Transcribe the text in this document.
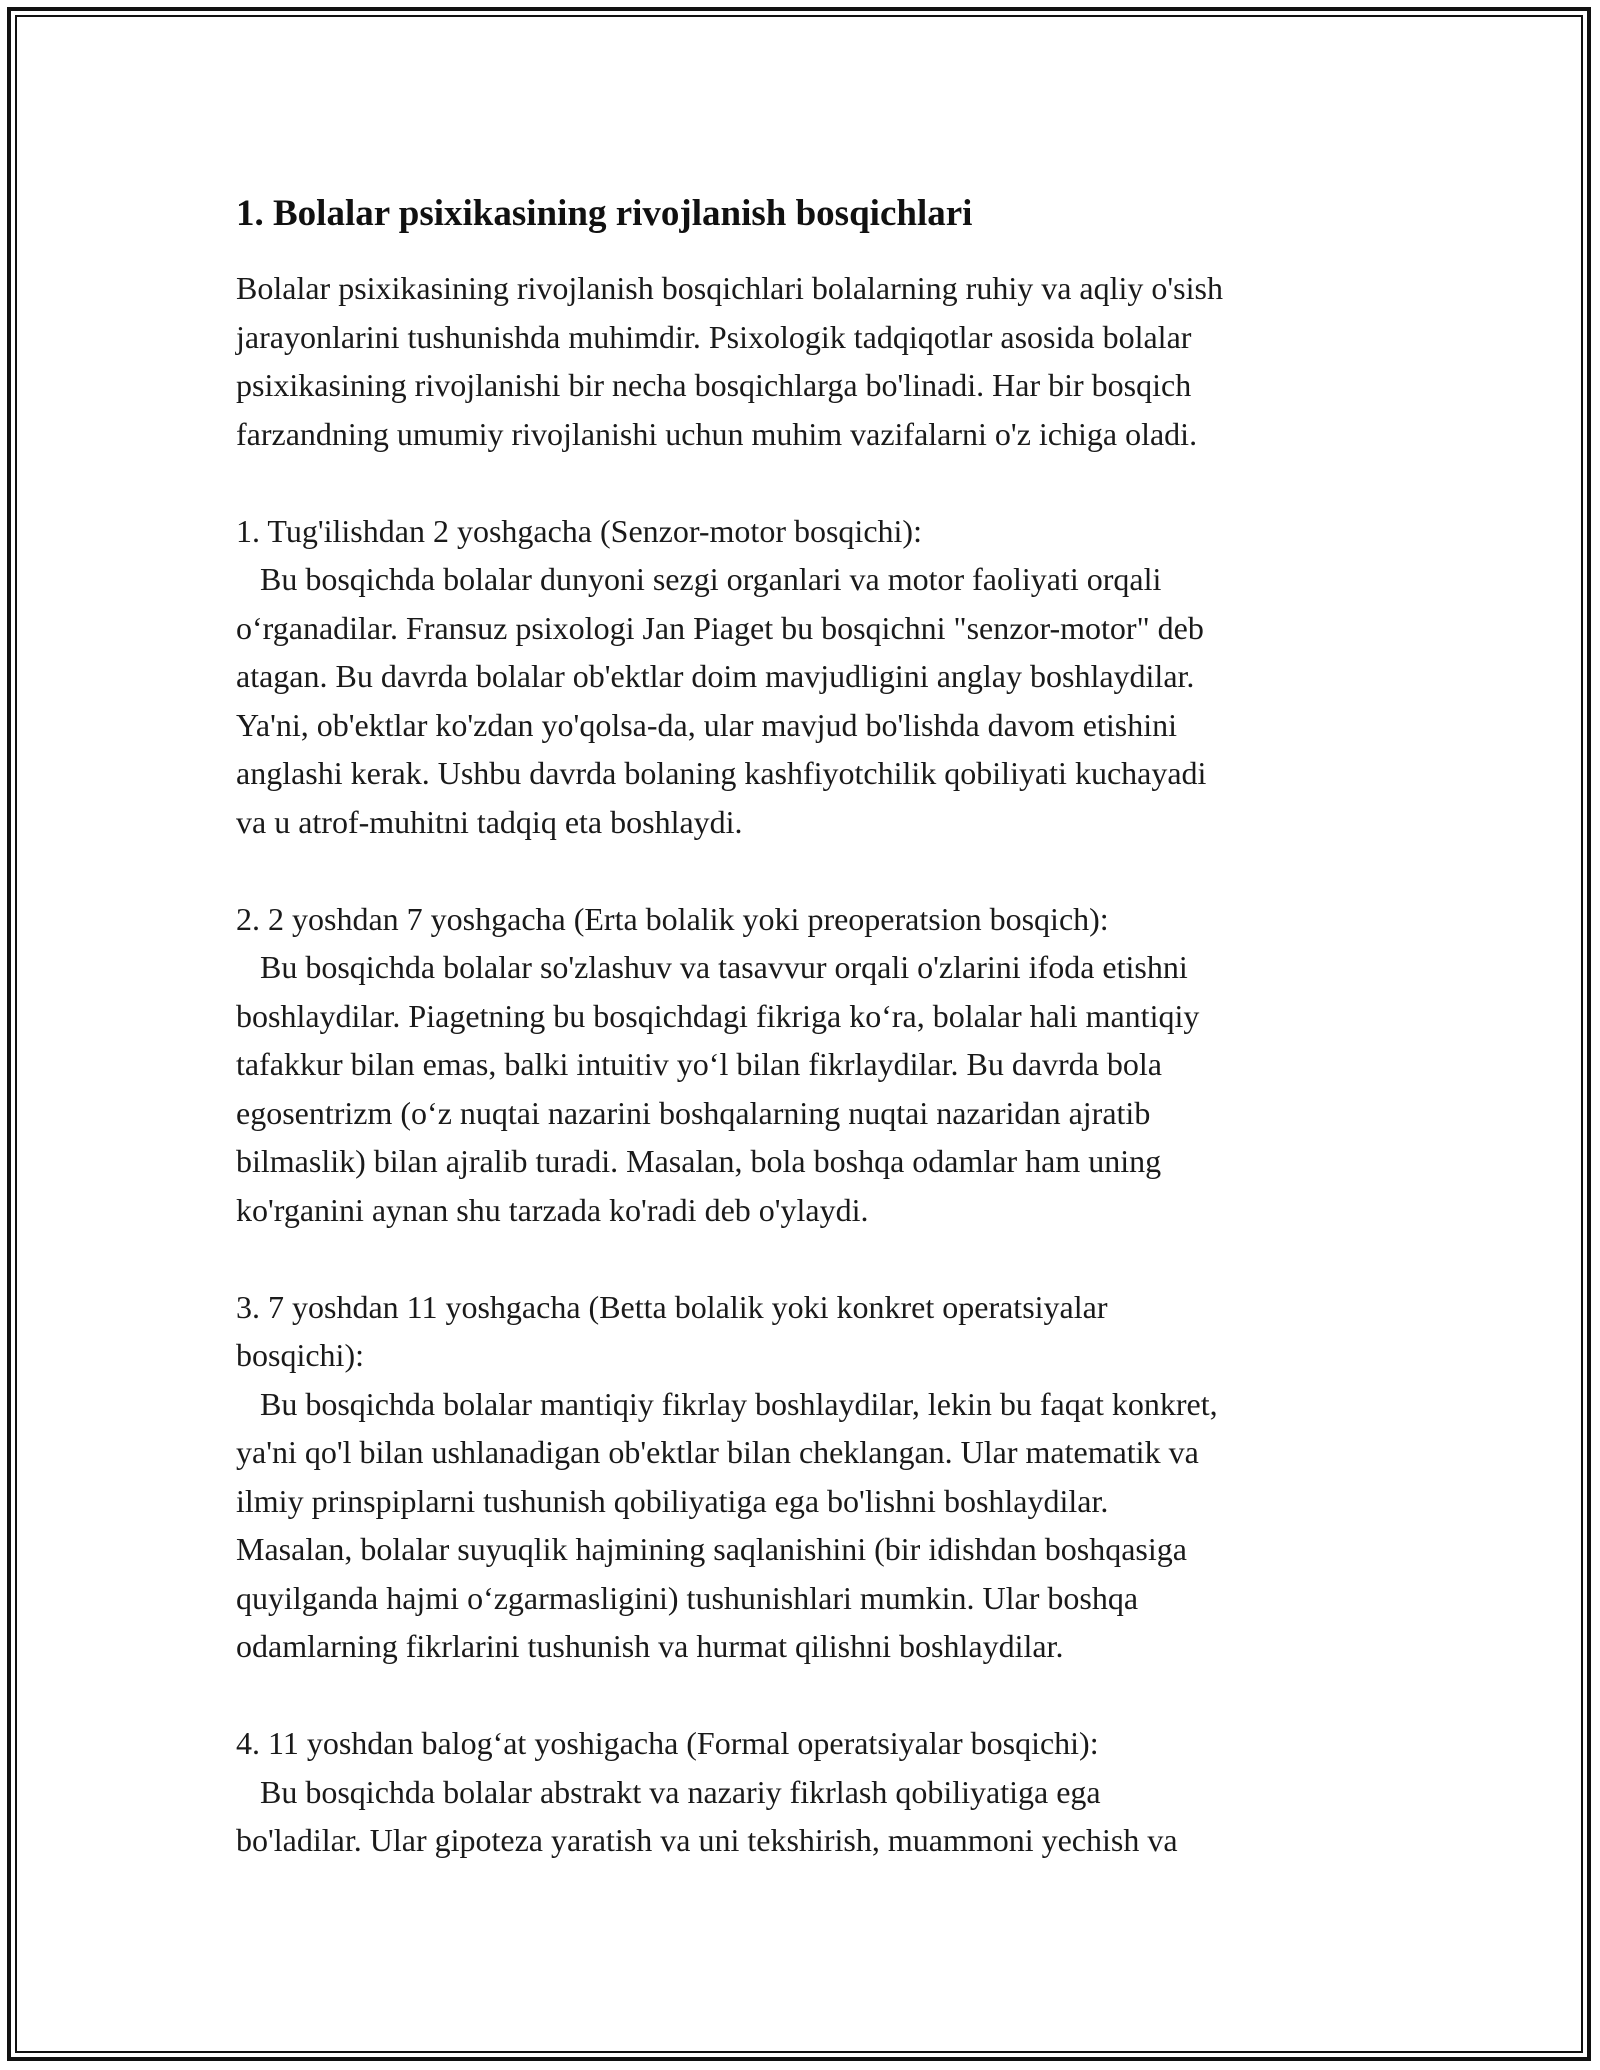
1. Bolalar psixikasining rivojlanish bosqichlari

Bolalar psixikasining rivojlanish bosqichlari bolalarning ruhiy va aqliy o'sish
jarayonlarini tushunishda muhimdir. Psixologik tadqiqotlar asosida bolalar
psixikasining rivojlanishi bir necha bosqichlarga bo'linadi. Har bir bosqich
farzandning umumiy rivojlanishi uchun muhim vazifalarni o'z ichiga oladi.

1. Tug'ilishdan 2 yoshgacha (Senzor-motor bosqichi):

Bu bosqichda bolalar dunyoni sezgi organlari va motor faoliyati orqali
o‘rganadilar. Fransuz psixologi Jan Piaget bu bosqichni "senzor-motor" deb
atagan. Bu davrda bolalar ob'ektlar doim mavjudligini anglay boshlaydilar.
Ya'ni, ob'ektlar ko'zdan yo'qolsa-da, ular mavjud bo'lishda davom etishini
anglashi kerak. Ushbu davrda bolaning kashfiyotchilik qobiliyati kuchayadi
va u atrof-muhitni tadqiq eta boshlaydi.

2. 2 yoshdan 7 yoshgacha (Erta bolalik yoki preoperatsion bosqich):

Bu bosqichda bolalar so'zlashuv va tasavvur orqali o'zlarini ifoda etishni
boshlaydilar. Piagetning bu bosqichdagi fikriga ko‘ra, bolalar hali mantiqiy
tafakkur bilan emas, balki intuitiv yo‘l bilan fikrlaydilar. Bu davrda bola
egosentrizm (o‘z nuqtai nazarini boshqalarning nuqtai nazaridan ajratib
bilmaslik) bilan ajralib turadi. Masalan, bola boshqa odamlar ham uning
ko'rganini aynan shu tarzada ko'radi deb o'ylaydi.

3. 7 yoshdan 11 yoshgacha (Betta bolalik yoki konkret operatsiyalar
bosqichi):

Bu bosqichda bolalar mantiqiy fikrlay boshlaydilar, lekin bu faqat konkret,
ya'ni qo'l bilan ushlanadigan ob'ektlar bilan cheklangan. Ular matematik va
ilmiy prinspiplarni tushunish qobiliyatiga ega bo'lishni boshlaydilar.
Masalan, bolalar suyuqlik hajmining saqlanishini (bir idishdan boshqasiga
quyilganda hajmi o‘zgarmasligini) tushunishlari mumkin. Ular boshqa
odamlarning fikrlarini tushunish va hurmat qilishni boshlaydilar.

4. 11 yoshdan balog‘at yoshigacha (Formal operatsiyalar bosqichi):

Bu bosqichda bolalar abstrakt va nazariy fikrlash qobiliyatiga ega
bo'ladilar. Ular gipoteza yaratish va uni tekshirish, muammoni yechish va
